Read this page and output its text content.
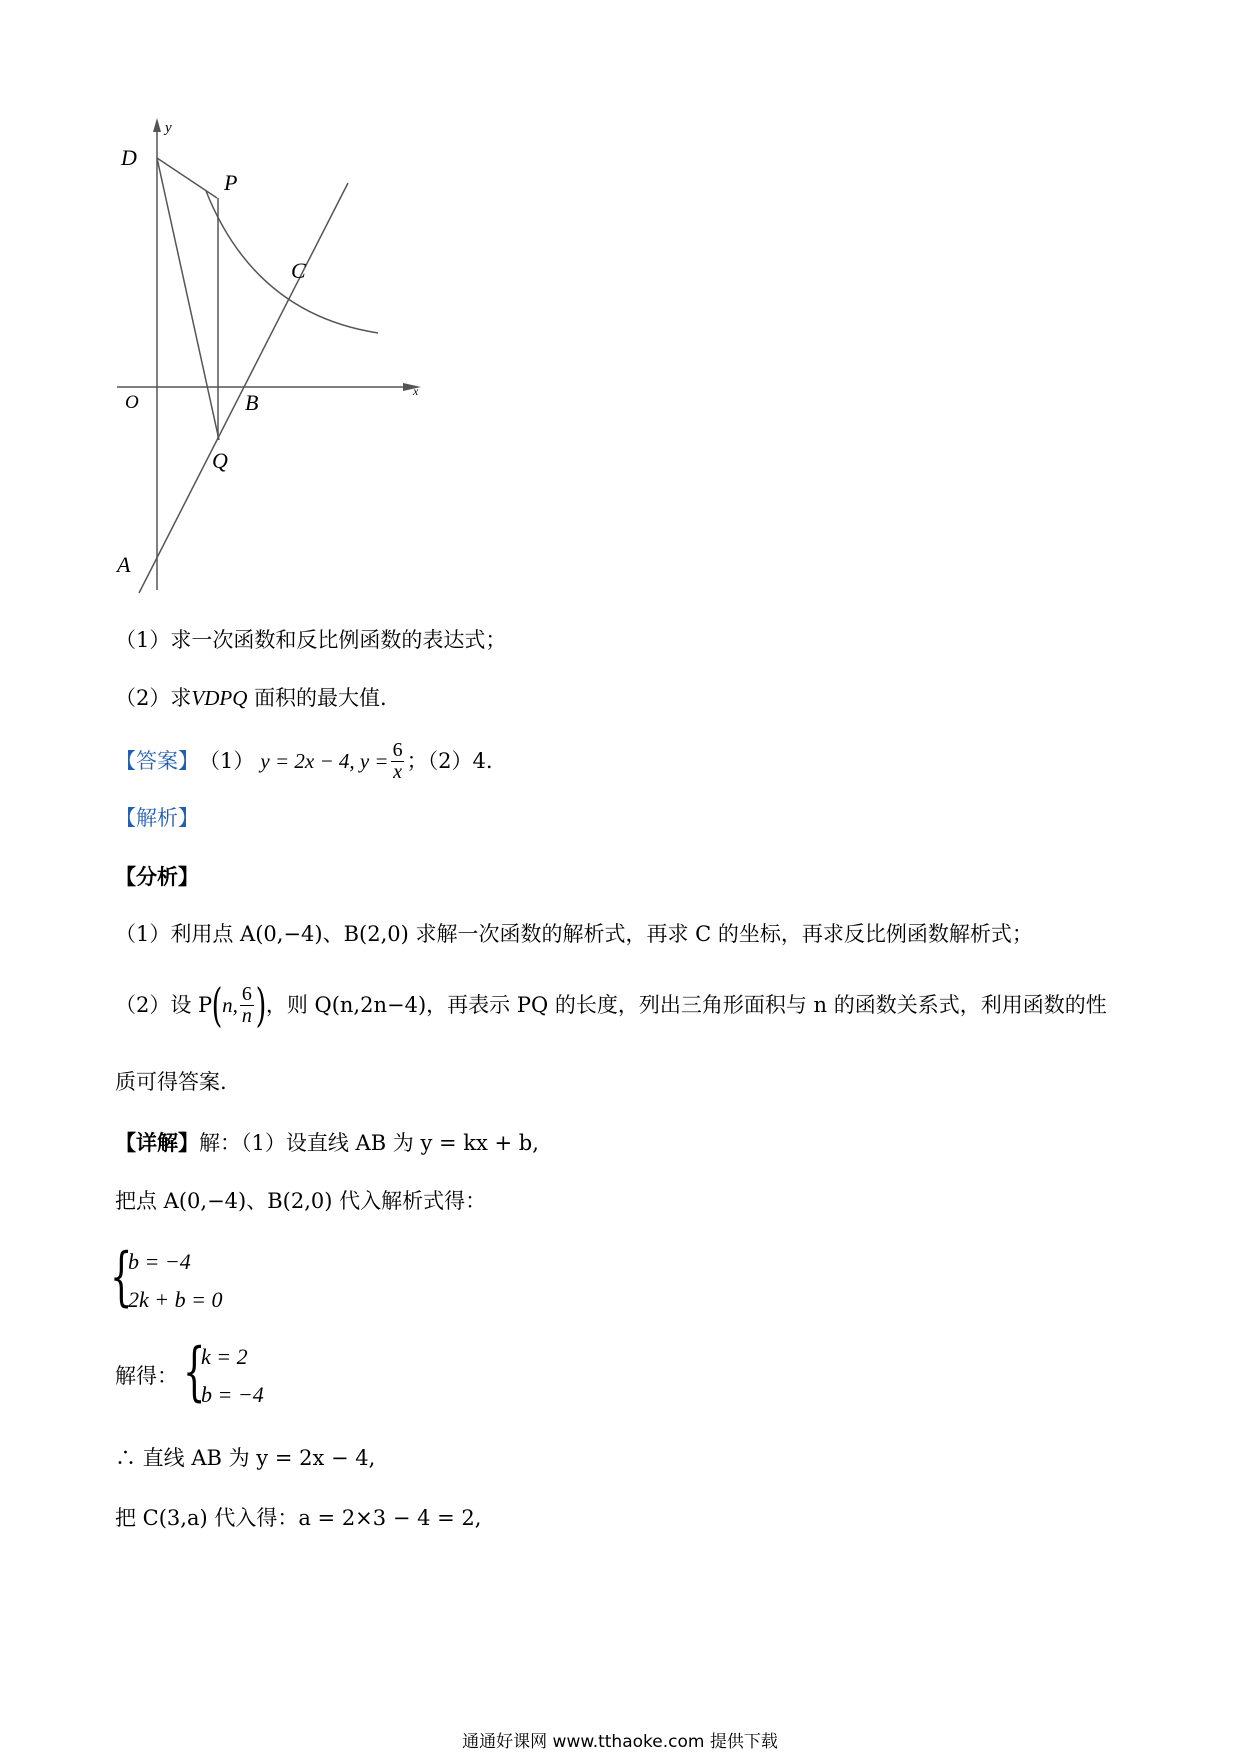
y
x
O
D
P
C
B
Q
A
（1）求一次函数和反比例函数的表达式；
（2）求VDPQ 面积的最大值.
【答案】 （1） y = 2x − 4, $y = \frac{6}{x}$ ；（2）4.
【解析】
【分析】
（1）利用点 A(0,−4)、B(2,0) 求解一次函数的解析式，再求 C 的坐标，再求反比例函数解析式；
（2）设 P ( n, $\frac{6}{n}$ ) ，则 Q(n,2n−4)，再表示 PQ 的长度，列出三角形面积与 n 的函数关系式，利用函数的性
质可得答案.
【详解】解：（1）设直线 AB 为 y = kx + b,
把点 A(0,−4)、B(2,0) 代入解析式得：
{
b = −4
2k + b = 0
解得： {
k = 2
b = −4
∴ 直线 AB 为 y = 2x − 4,
把 C(3,a) 代入得：a = 2×3 − 4 = 2,
通通好课网 www.tthaoke.com 提供下载
